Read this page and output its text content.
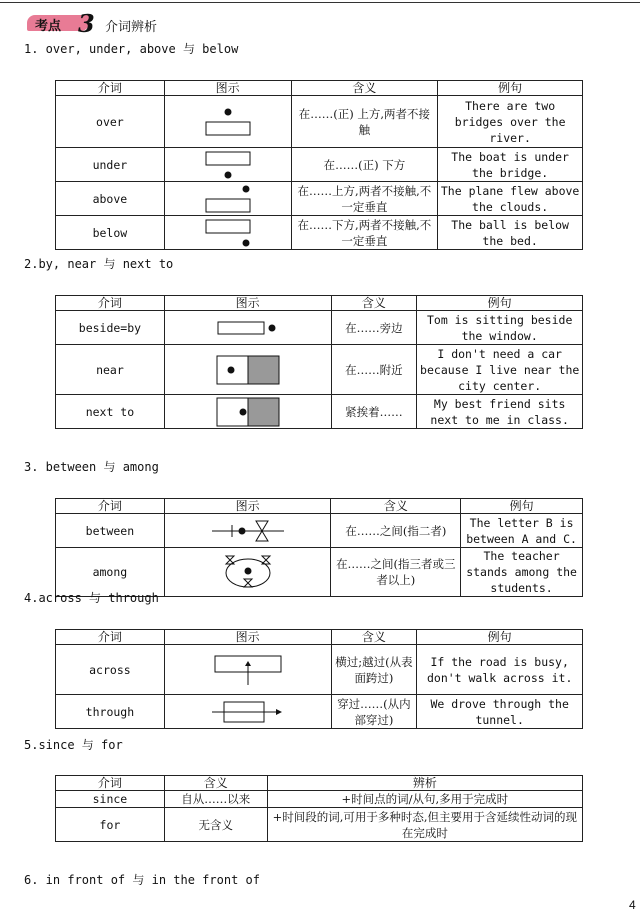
考点 3 介词辨析
1. over, under, above 与 below
介词	图示	含义	例句
over		在……(正) 上方,两者不接触	There are two bridges over the river.
under		在……(正) 下方	The boat is under the bridge.
above		在……上方,两者不接触,不一定垂直	The plane flew above the clouds.
below		在……下方,两者不接触,不一定垂直	The ball is below the bed.
2.by, near 与 next to
介词	图示	含义	例句
beside=by		在……旁边	Tom is sitting beside the window.
near		在……附近	I don't need a car because I live near the city center.
next to		紧挨着……	My best friend sits next to me in class.
3. between 与 among
介词	图示	含义	例句
between		在……之间(指二者)	The letter B is between A and C.
among		在……之间(指三者或三者以上)	The teacher stands among the students.
4.across 与 through
介词	图示	含义	例句
across		横过;越过(从表面跨过)	If the road is busy, don't walk across it.
through		穿过……(从内部穿过)	We drove through the tunnel.
5.since 与 for
介词	含义	辨析
since	自从……以来	+时间点的词/从句,多用于完成时
for	无含义	+时间段的词,可用于多种时态,但主要用于含延续性动词的现在完成时
6. in front of 与 in the front of
4
